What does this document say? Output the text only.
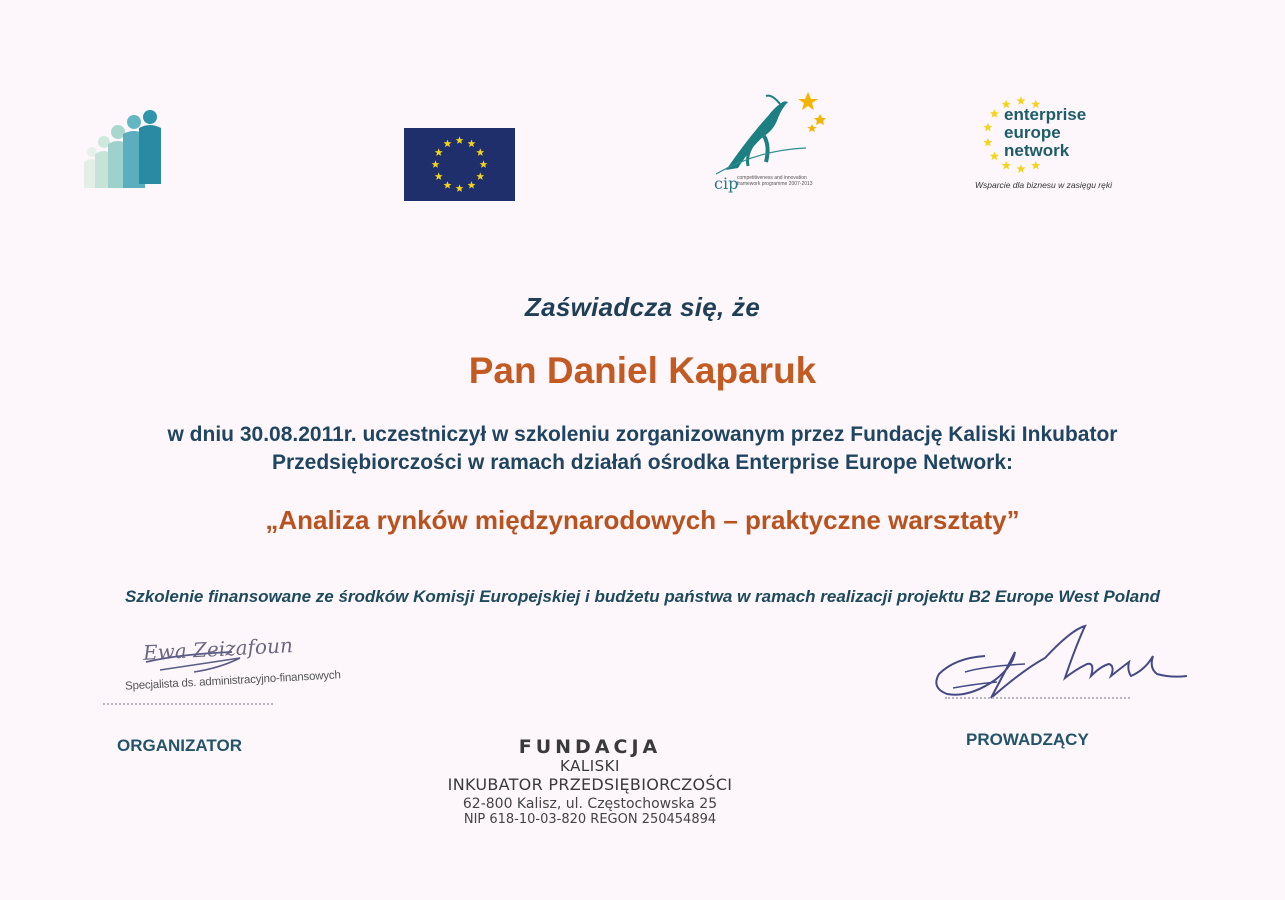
cip
competitiveness and innovation framework programme 2007-2013
enterprise
europe
network
Wsparcie dla biznesu w zasięgu ręki
Zaświadcza się, że
Pan Daniel Kaparuk
w dniu 30.08.2011r. uczestniczył w szkoleniu zorganizowanym przez Fundację Kaliski Inkubator
Przedsiębiorczości w ramach działań ośrodka Enterprise Europe Network:
„Analiza rynków międzynarodowych – praktyczne warsztaty”
Szkolenie finansowane ze środków Komisji Europejskiej i budżetu państwa w ramach realizacji projektu B2 Europe West Poland
Ewa Zeizafoun
Specjalista ds. administracyjno-finansowych
ORGANIZATOR	PROWADZĄCY
FUNDACJA
KALISKI
INKUBATOR PRZEDSIĘBIORCZOŚCI
62-800 Kalisz, ul. Częstochowska 25
NIP 618-10-03-820 REGON 250454894
